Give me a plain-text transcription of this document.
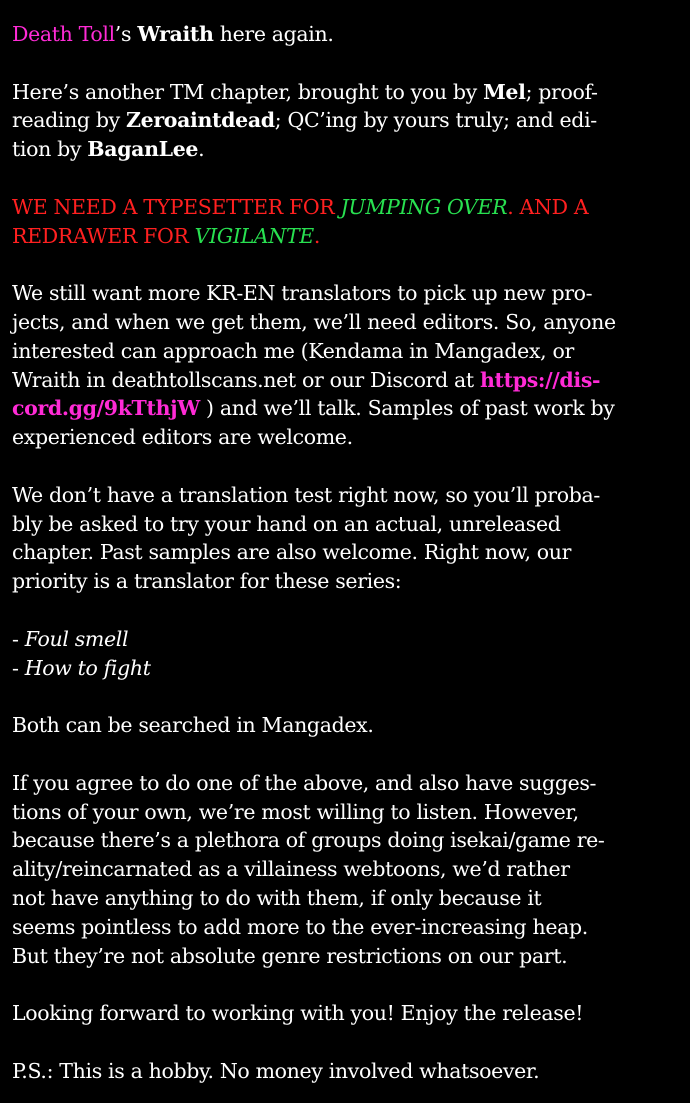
Death Toll’s Wraith here again.

Here’s another TM chapter, brought to you by Mel; proof-
reading by Zeroaintdead; QC’ing by yours truly; and edi-
tion by BaganLee.

WE NEED A TYPESETTER FOR JUMPING OVER. AND A
REDRAWER FOR VIGILANTE.

We still want more KR-EN translators to pick up new pro-
jects, and when we get them, we’ll need editors. So, anyone
interested can approach me (Kendama in Mangadex, or
Wraith in deathtollscans.net or our Discord at https://dis-
cord.gg/9kTthjW ) and we’ll talk. Samples of past work by
experienced editors are welcome.

We don’t have a translation test right now, so you’ll proba-
bly be asked to try your hand on an actual, unreleased
chapter. Past samples are also welcome. Right now, our
priority is a translator for these series:

- Foul smell
- How to fight

Both can be searched in Mangadex.

If you agree to do one of the above, and also have sugges-
tions of your own, we’re most willing to listen. However,
because there’s a plethora of groups doing isekai/game re-
ality/reincarnated as a villainess webtoons, we’d rather
not have anything to do with them, if only because it
seems pointless to add more to the ever-increasing heap.
But they’re not absolute genre restrictions on our part.

Looking forward to working with you! Enjoy the release!

P.S.: This is a hobby. No money involved whatsoever.
